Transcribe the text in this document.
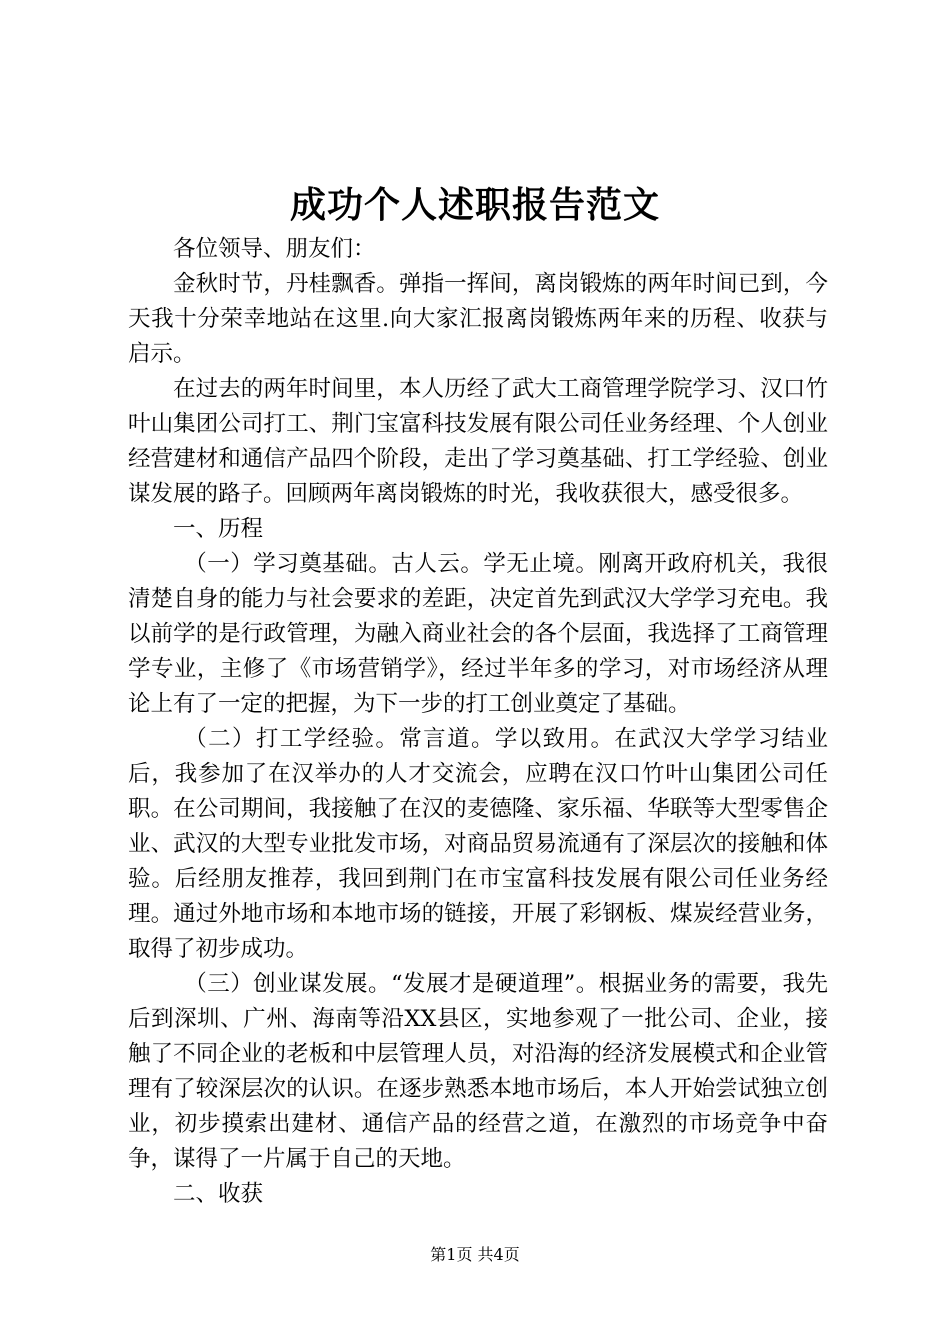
成功个人述职报告范文

各位领导、朋友们：

金秋时节，丹桂飘香。弹指一挥间，离岗锻炼的两年时间已到，今天我十分荣幸地站在这里.向大家汇报离岗锻炼两年来的历程、收获与启示。

在过去的两年时间里，本人历经了武大工商管理学院学习、汉口竹叶山集团公司打工、荆门宝富科技发展有限公司任业务经理、个人创业经营建材和通信产品四个阶段，走出了学习奠基础、打工学经验、创业谋发展的路子。回顾两年离岗锻炼的时光，我收获很大，感受很多。

一、历程

（一）学习奠基础。古人云。学无止境。刚离开政府机关，我很清楚自身的能力与社会要求的差距，决定首先到武汉大学学习充电。我以前学的是行政管理，为融入商业社会的各个层面，我选择了工商管理学专业，主修了《市场营销学》，经过半年多的学习，对市场经济从理论上有了一定的把握，为下一步的打工创业奠定了基础。

（二）打工学经验。常言道。学以致用。在武汉大学学习结业后，我参加了在汉举办的人才交流会，应聘在汉口竹叶山集团公司任职。在公司期间，我接触了在汉的麦德隆、家乐福、华联等大型零售企业、武汉的大型专业批发市场，对商品贸易流通有了深层次的接触和体验。后经朋友推荐，我回到荆门在市宝富科技发展有限公司任业务经理。通过外地市场和本地市场的链接，开展了彩钢板、煤炭经营业务，取得了初步成功。

（三）创业谋发展。“发展才是硬道理”。根据业务的需要，我先后到深圳、广州、海南等沿XX县区，实地参观了一批公司、企业，接触了不同企业的老板和中层管理人员，对沿海的经济发展模式和企业管理有了较深层次的认识。在逐步熟悉本地市场后，本人开始尝试独立创业，初步摸索出建材、通信产品的经营之道，在激烈的市场竞争中奋争，谋得了一片属于自己的天地。

二、收获

第1页 共4页
